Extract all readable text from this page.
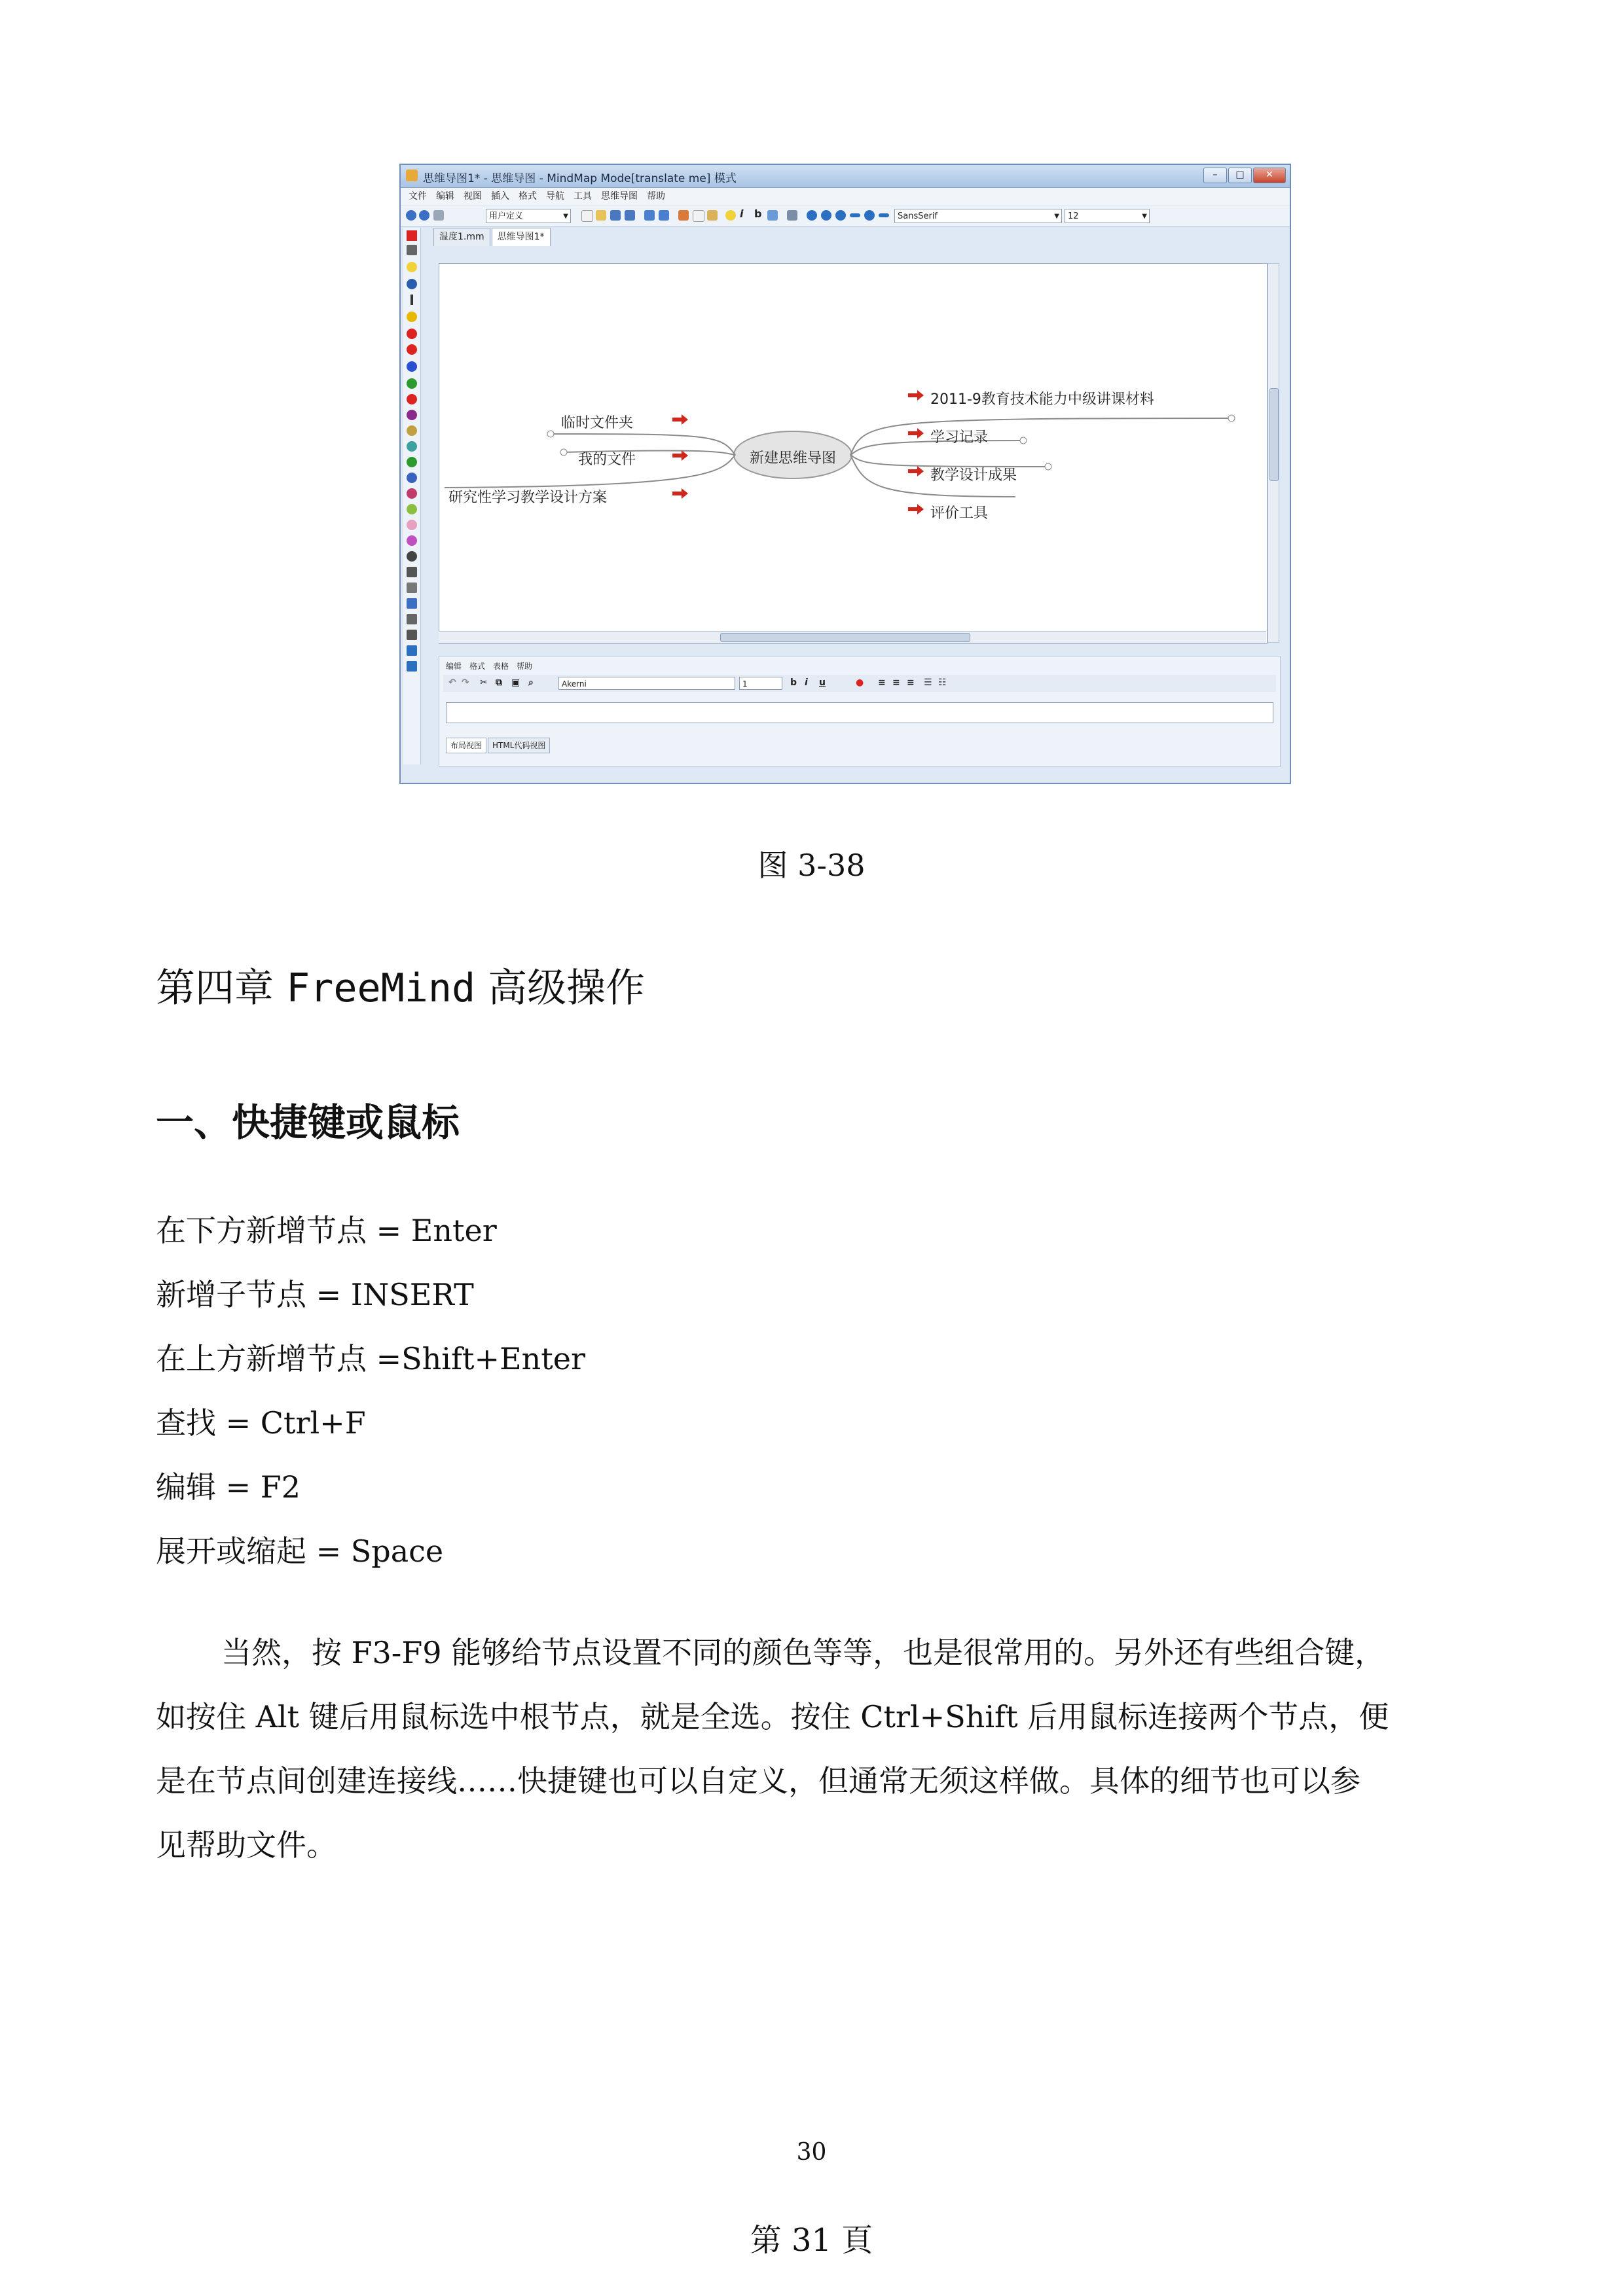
思维导图1* - 思维导图 - MindMap Mode[translate me] 模式	–	□	✕
文件 编辑 视图 插入 格式 导航 工具 思维导图 帮助
用户定义	▼	i	b	SansSerif	▼	12	▼
温度1.mm	思维导图1*
新建思维导图
临时文件夹
我的文件
研究性学习教学设计方案
2011-9教育技术能力中级讲课材料
学习记录
教学设计成果
评价工具
编辑 格式 表格 帮助
↶ ↷ ✂ ⧉ ▣ ⌕	Akerni	1	b i u	● ≡ ≡ ≡ ☰ ☷
布局视图	HTML代码视图
图 3-38
第四章 FreeMind 高级操作
一、快捷键或鼠标
在下方新增节点 = Enter
新增子节点 = INSERT
在上方新增节点 =Shift+Enter
查找 = Ctrl+F
编辑 = F2
展开或缩起 = Space

当然，按 F3-F9 能够给节点设置不同的颜色等等，也是很常用的。另外还有些组合键，

如按住 Alt 键后用鼠标选中根节点，就是全选。按住 Ctrl+Shift 后用鼠标连接两个节点，便

是在节点间创建连接线……快捷键也可以自定义，但通常无须这样做。具体的细节也可以参

见帮助文件。

30
第 31 頁
